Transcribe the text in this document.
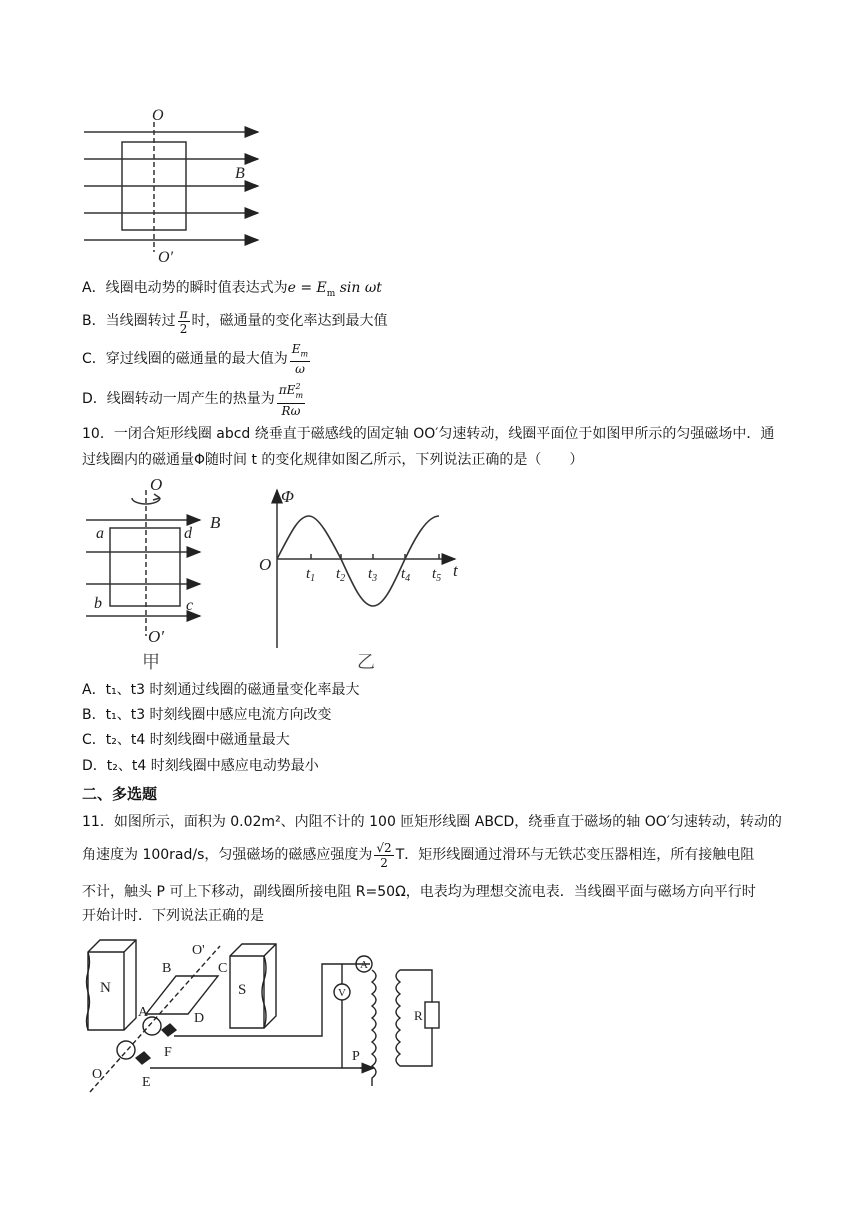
O
O′
B
A．线圈电动势的瞬时值表达式为$e = E_m$ sin ωt
B．当线圈转过 $\frac{\pi}{2}$ 时，磁通量的变化率达到最大值
C．穿过线圈的磁通量的最大值为 $\frac{E_m}{\omega}$
D．线圈转动一周产生的热量为 $\frac{\pi E^2_m}{R\omega}$
10．一闭合矩形线圈 abcd 绕垂直于磁感线的固定轴 OO′匀速转动，线圈平面位于如图甲所示的匀强磁场中．通
过线圈内的磁通量Φ随时间 t 的变化规律如图乙所示，下列说法正确的是（　　）
O
B
a	d
b	c
O′
甲
Φ
O $t_1$ $t_2$ $t_3$ $t_4$ $t_5$ t
乙
A．t₁、t3 时刻通过线圈的磁通量变化率最大
B．t₁、t3 时刻线圈中感应电流方向改变
C．t₂、t4 时刻线圈中磁通量最大
D．t₂、t4 时刻线圈中感应电动势最小
二、多选题
11．如图所示，面积为 0.02m²、内阻不计的 100 匝矩形线圈 ABCD，绕垂直于磁场的轴 OO′匀速转动，转动的
角速度为 100rad/s，匀强磁场的磁感应强度为 $\frac{√2}{2}$ T．矩形线圈通过滑环与无铁芯变压器相连，所有接触电阻
不计，触头 P 可上下移动，副线圈所接电阻 R=50Ω，电表均为理想交流电表．当线圈平面与磁场方向平行时
开始计时．下列说法正确的是
N	S
B	C
A	D
O'
O
F
E
A
V
P
R
